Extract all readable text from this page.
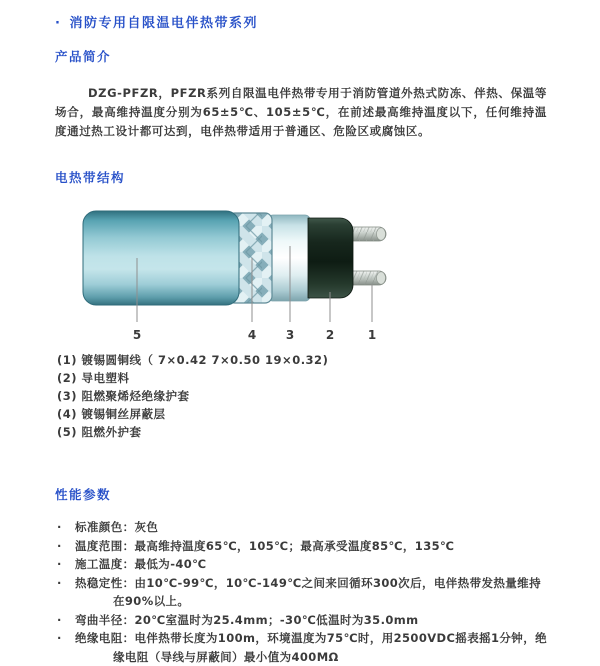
· 消防专用自限温电伴热带系列
产品简介
DZG-PFZR，PFZR系列自限温电伴热带专用于消防管道外热式防冻、伴热、保温等场合，最高维持温度分别为65±5℃、105±5℃，在前述最高维持温度以下，任何维持温度通过热工设计都可达到，电伴热带适用于普通区、危险区或腐蚀区。
电热带结构
5	4 3	2	1
(1) 镀锡圆铜线（ 7×0.42 7×0.50 19×0.32)
(2) 导电塑料
(3) 阻燃聚烯烃绝缘护套
(4) 镀锡铜丝屏蔽层
(5) 阻燃外护套
性能参数
·	标准颜色：灰色
·	温度范围：最高维持温度65℃，105℃；最高承受温度85℃，135℃
·	施工温度：最低为-40℃
·	热稳定性：由10℃-99℃，10℃-149℃之间来回循环300次后，电伴热带发热量维持在90%以上。
·	弯曲半径：20℃室温时为25.4mm；-30℃低温时为35.0mm
·	绝缘电阻：电伴热带长度为100m，环境温度为75℃时，用2500VDC摇表摇1分钟，绝缘电阻（导线与屏蔽间）最小值为400MΩ
